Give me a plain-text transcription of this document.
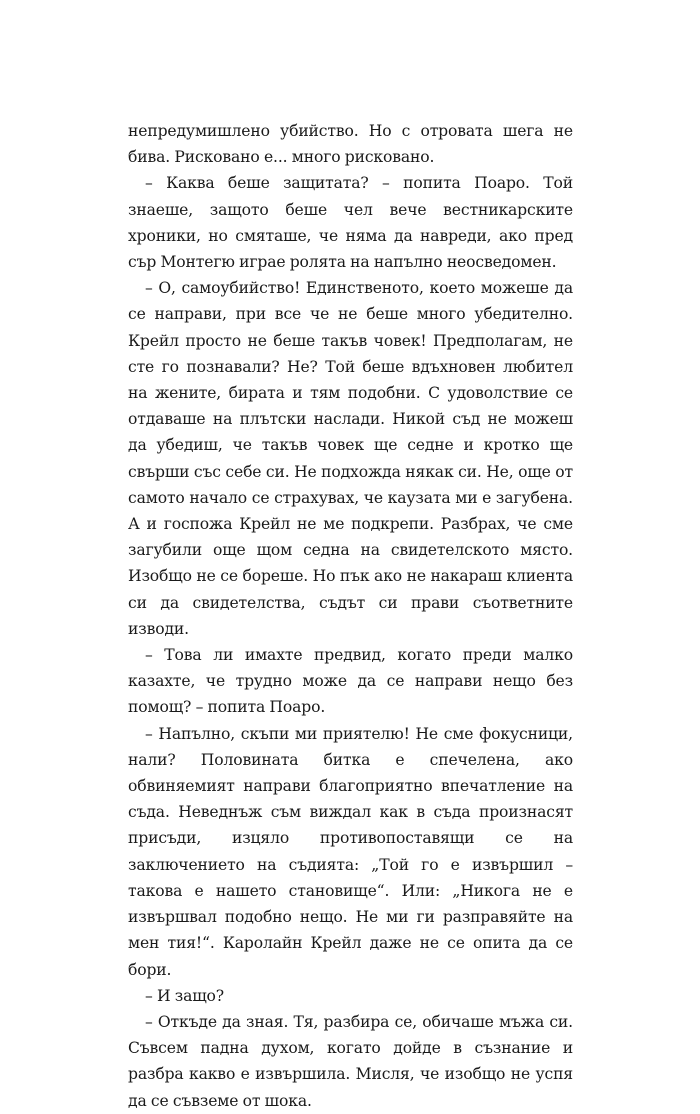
непредумишлено убийство. Но с отровата шега не бива. Рисковано е... много рисковано.

– Каква беше защитата? – попита Поаро. Той знаеше, защото беше чел вече вестникарските хроники, но смяташе, че няма да навреди, ако пред сър Монтегю играе ролята на напълно неосведомен.

– О, самоубийство! Единственото, което можеше да се направи, при все че не беше много убедително. Крейл просто не беше такъв човек! Предполагам, не сте го познавали? Не? Той беше вдъхновен любител на жените, бирата и тям подобни. С удоволствие се отдаваше на плътски наслади. Никой съд не можеш да убедиш, че такъв човек ще седне и кротко ще свърши със себе си. Не подхожда някак си. Не, още от самото начало се страхувах, че каузата ми е загубена. А и госпожа Крейл не ме подкрепи. Разбрах, че сме загубили още щом седна на свидетелското място. Изобщо не се бореше. Но пък ако не накараш клиента си да свидетелства, съдът си прави съответните изводи.

– Това ли имахте предвид, когато преди малко казахте, че трудно може да се направи нещо без помощ? – попита Поаро.

– Напълно, скъпи ми приятелю! Не сме фокусници, нали? Половината битка е спечелена, ако обвиняемият направи благоприятно впечатление на съда. Неведнъж съм виждал как в съда произнасят присъди, изцяло противопоставящи се на заключението на съдията: „Той го е извършил – такова е нашето становище“. Или: „Никога не е извършвал подобно нещо. Не ми ги разправяйте на мен тия!“. Каролайн Крейл даже не се опита да се бори.

– И защо?

– Откъде да зная. Тя, разбира се, обичаше мъжа си. Съвсем падна духом, когато дойде в съзнание и разбра какво е извършила. Мисля, че изобщо не успя да се съвземе от шока.
